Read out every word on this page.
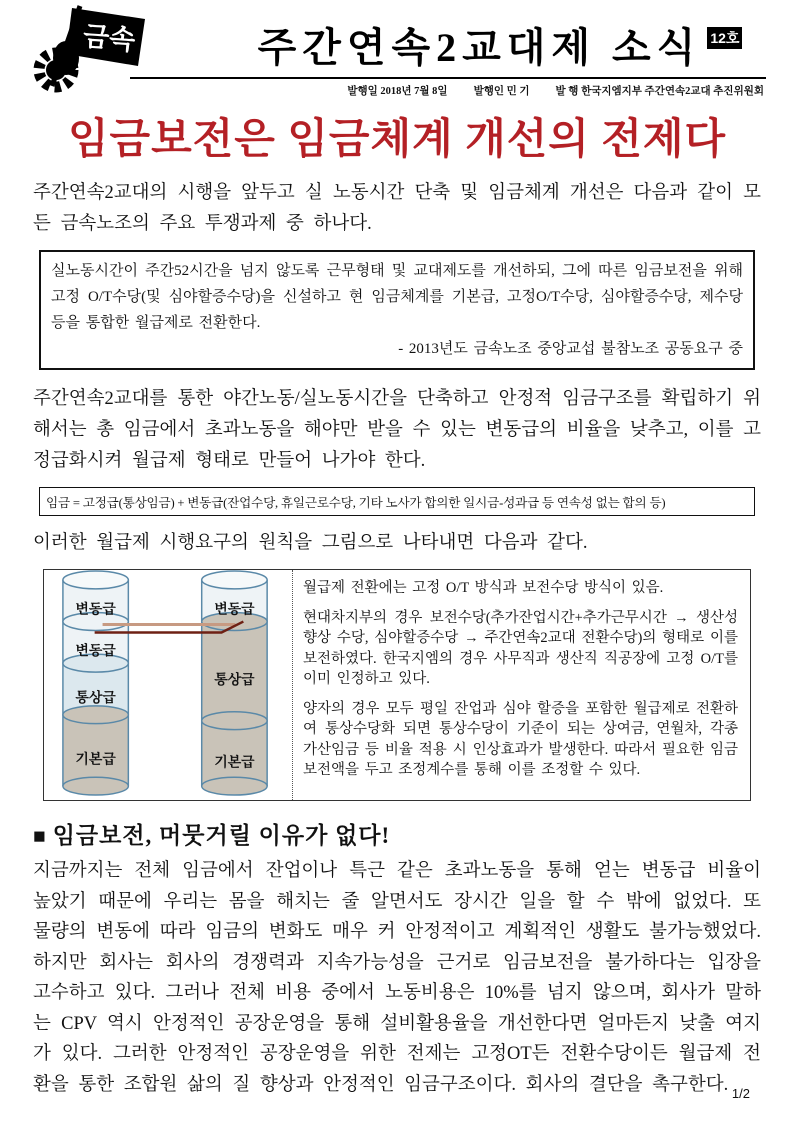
금속	주간연속2교대제 소식 12호
발행일 2018년 7월 8일 발행인 민 기 발 행 한국지엠지부 주간연속2교대 추진위원회
임금보전은 임금체계 개선의 전제다

주간연속2교대의 시행을 앞두고 실 노동시간 단축 및 임금체계 개선은 다음과 같이 모든 금속노조의 주요 투쟁과제 중 하나다.

실노동시간이 주간52시간을 넘지 않도록 근무형태 및 교대제도를 개선하되, 그에 따른 임금보전을 위해 고정 O/T수당(및 심야할증수당)을 신설하고 현 임금체계를 기본급, 고정O/T수당, 심야할증수당, 제수당 등을 통합한 월급제로 전환한다.
- 2013년도 금속노조 중앙교섭 불참노조 공동요구 중

주간연속2교대를 통한 야간노동/실노동시간을 단축하고 안정적 임금구조를 확립하기 위해서는 총 임금에서 초과노동을 해야만 받을 수 있는 변동급의 비율을 낮추고, 이를 고정급화시켜 월급제 형태로 만들어 나가야 한다.

임금 = 고정급(통상임금) + 변동급(잔업수당, 휴일근로수당, 기타 노사가 합의한 일시금-성과급 등 연속성 없는 합의 등)

이러한 월급제 시행요구의 원칙을 그림으로 나타내면 다음과 같다.

변동급
변동급
통상급
기본급
변동급
통상급
기본급

월급제 전환에는 고정 O/T 방식과 보전수당 방식이 있음.

현대차지부의 경우 보전수당(추가잔업시간+추가근무시간 → 생산성 향상 수당, 심야할증수당 → 주간연속2교대 전환수당)의 형태로 이를 보전하였다. 한국지엠의 경우 사무직과 생산직 직공장에 고정 O/T를 이미 인정하고 있다.

양자의 경우 모두 평일 잔업과 심야 할증을 포함한 월급제로 전환하여 통상수당화 되면 통상수당이 기준이 되는 상여금, 연월차, 각종 가산임금 등 비율 적용 시 인상효과가 발생한다. 따라서 필요한 임금보전액을 두고 조정계수를 통해 이를 조정할 수 있다.

■ 임금보전, 머뭇거릴 이유가 없다!

지금까지는 전체 임금에서 잔업이나 특근 같은 초과노동을 통해 얻는 변동급 비율이 높았기 때문에 우리는 몸을 해치는 줄 알면서도 장시간 일을 할 수 밖에 없었다. 또 물량의 변동에 따라 임금의 변화도 매우 커 안정적이고 계획적인 생활도 불가능했었다. 하지만 회사는 회사의 경쟁력과 지속가능성을 근거로 임금보전을 불가하다는 입장을 고수하고 있다. 그러나 전체 비용 중에서 노동비용은 10%를 넘지 않으며, 회사가 말하는 CPV 역시 안정적인 공장운영을 통해 설비활용율을 개선한다면 얼마든지 낮출 여지가 있다. 그러한 안정적인 공장운영을 위한 전제는 고정OT든 전환수당이든 월급제 전환을 통한 조합원 삶의 질 향상과 안정적인 임금구조이다. 회사의 결단을 촉구한다. 1/2
